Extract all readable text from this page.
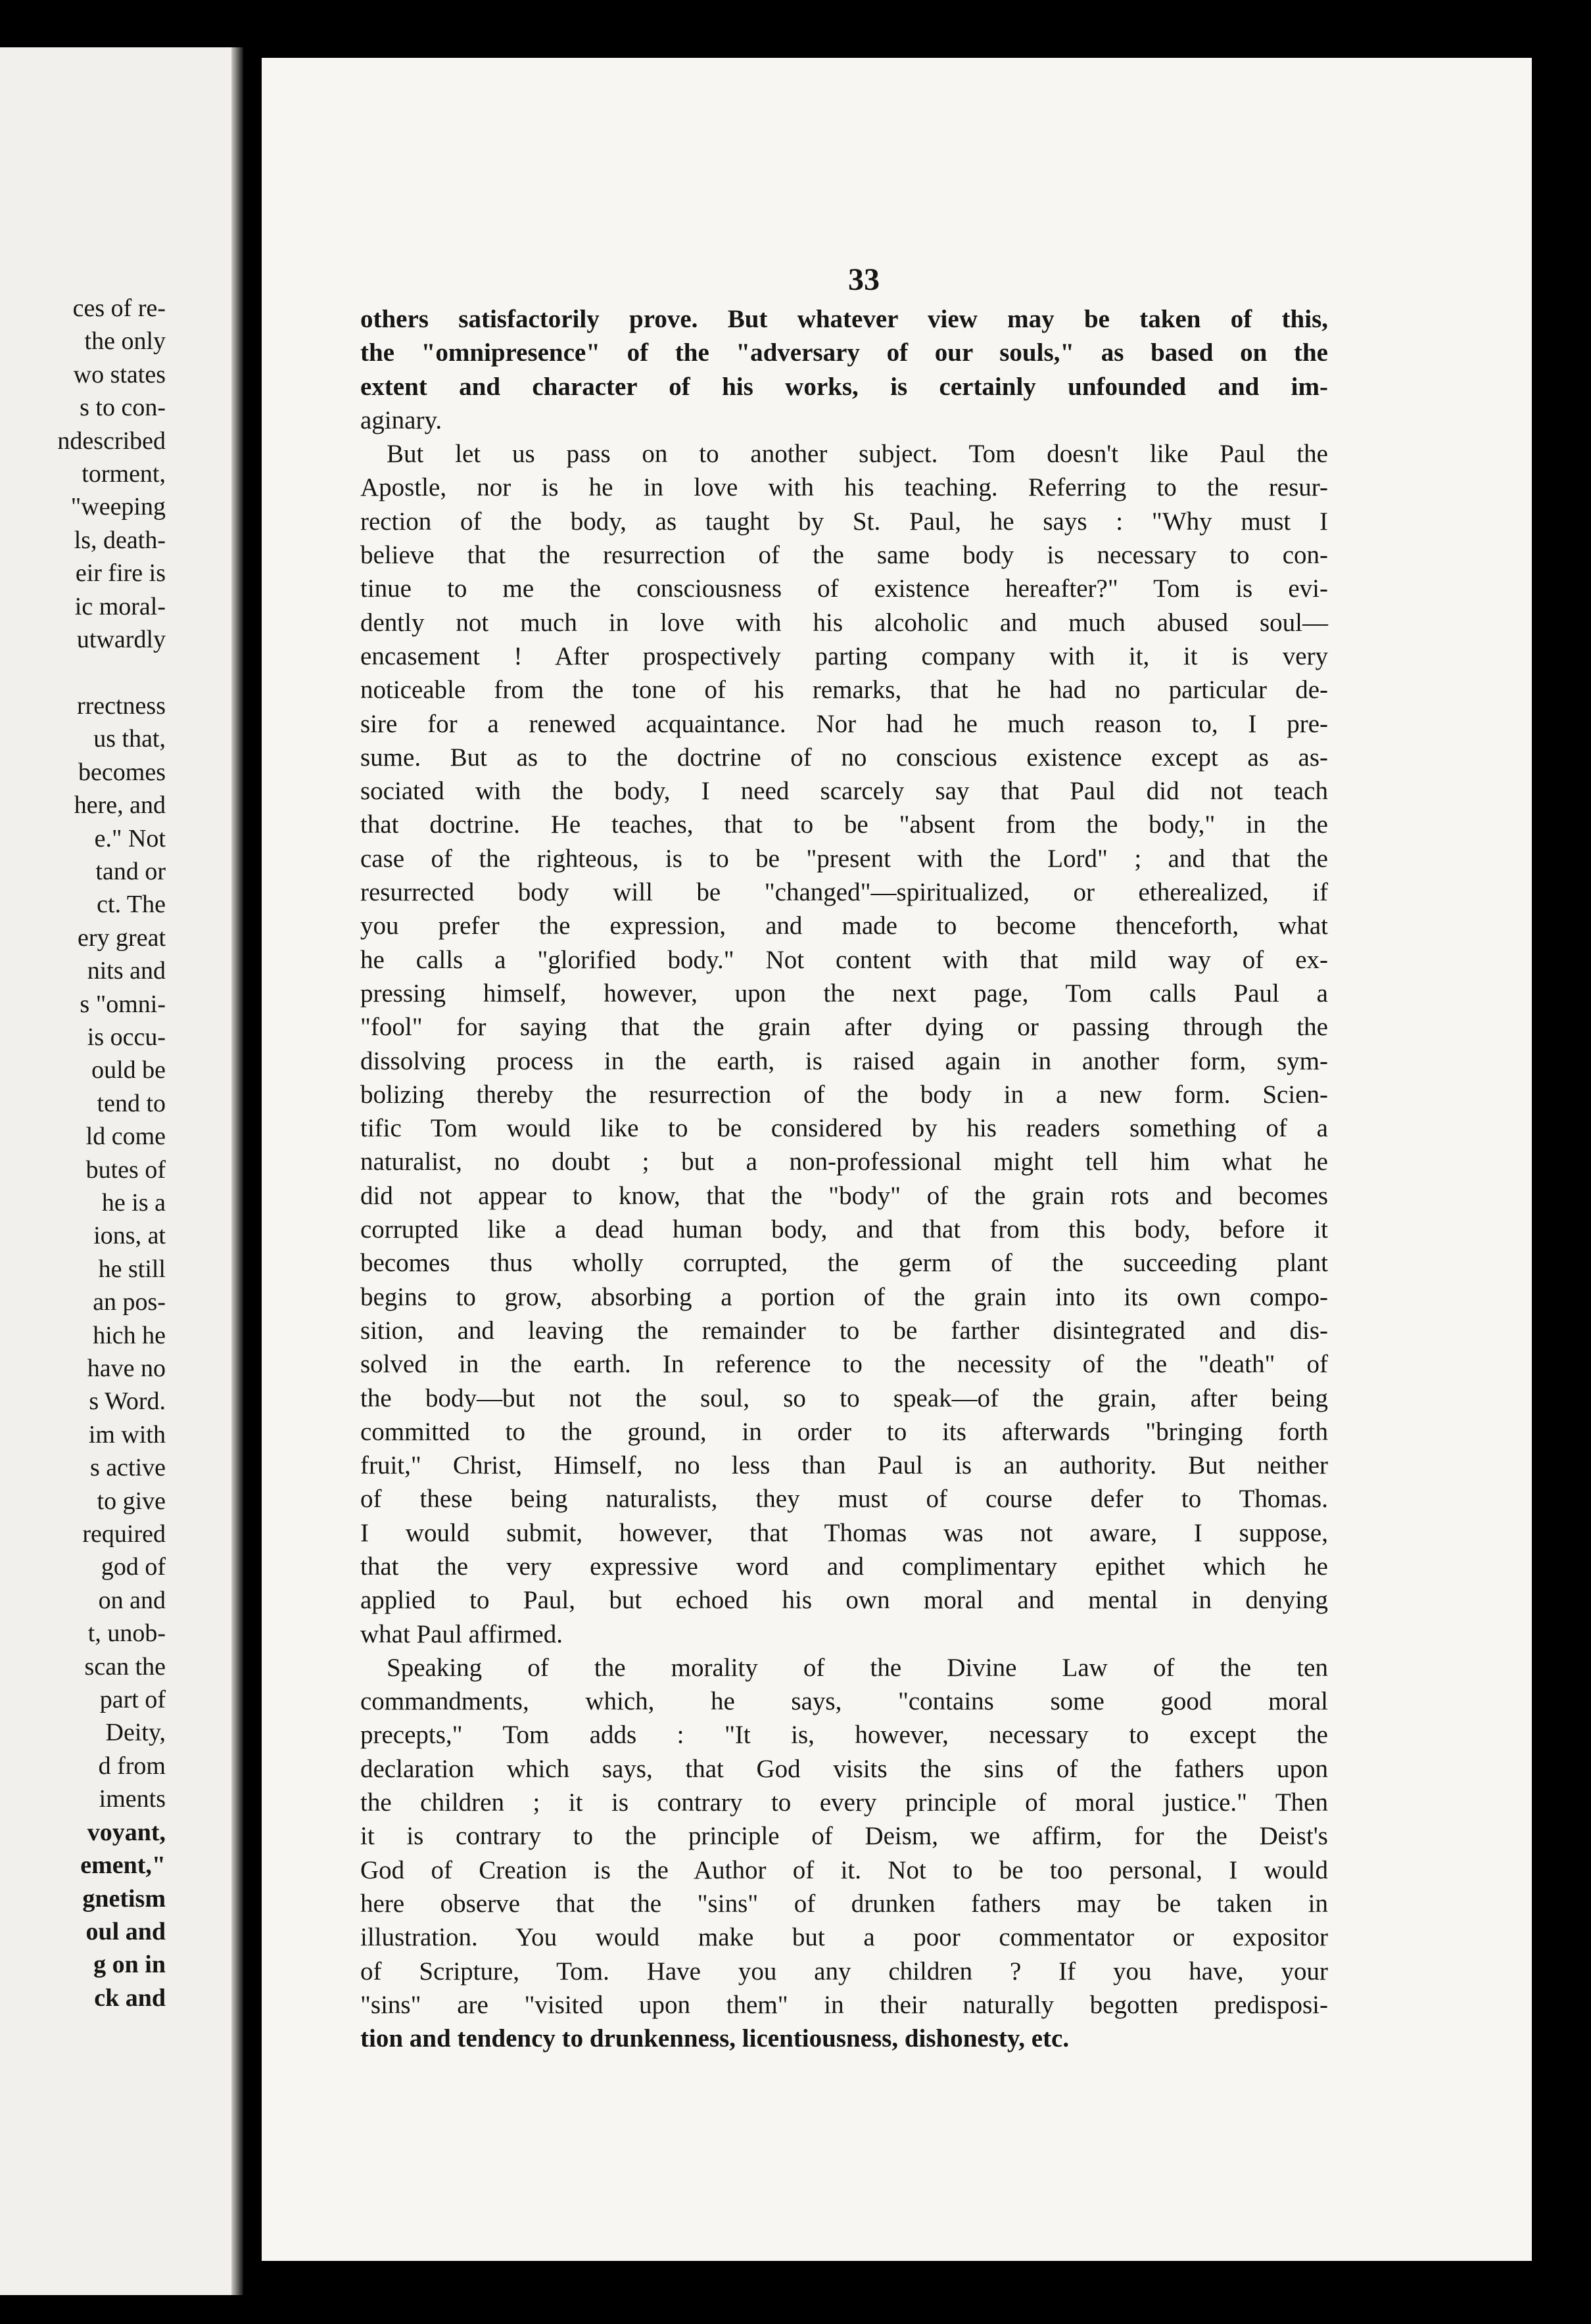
ces of re-
the only
wo states
s to con-
ndescribed
torment,
"weeping
ls, death-
eir fire is
ic moral-
utwardly

rrectness
us that,
becomes
here, and
e." Not
tand or
ct. The
ery great
nits and
s "omni-
is occu-
ould be
tend to
ld come
butes of
he is a
ions, at
he still
an pos-
hich he
have no
s Word.
im with
s active
to give
required
god of
on and
t, unob-
scan the
part of
Deity,
d from
iments
voyant,
ement,"
gnetism
oul and
g on in
ck and
33
others satisfactorily prove. But whatever view may be taken of this,
the "omnipresence" of the "adversary of our souls," as based on the
extent and character of his works, is certainly unfounded and im-
aginary.
But let us pass on to another subject. Tom doesn't like Paul the
Apostle, nor is he in love with his teaching. Referring to the resur-
rection of the body, as taught by St. Paul, he says : "Why must I
believe that the resurrection of the same body is necessary to con-
tinue to me the consciousness of existence hereafter?" Tom is evi-
dently not much in love with his alcoholic and much abused soul—
encasement ! After prospectively parting company with it, it is very
noticeable from the tone of his remarks, that he had no particular de-
sire for a renewed acquaintance. Nor had he much reason to, I pre-
sume. But as to the doctrine of no conscious existence except as as-
sociated with the body, I need scarcely say that Paul did not teach
that doctrine. He teaches, that to be "absent from the body," in the
case of the righteous, is to be "present with the Lord" ; and that the
resurrected body will be "changed"—spiritualized, or etherealized, if
you prefer the expression, and made to become thenceforth, what
he calls a "glorified body." Not content with that mild way of ex-
pressing himself, however, upon the next page, Tom calls Paul a
"fool" for saying that the grain after dying or passing through the
dissolving process in the earth, is raised again in another form, sym-
bolizing thereby the resurrection of the body in a new form. Scien-
tific Tom would like to be considered by his readers something of a
naturalist, no doubt ; but a non-professional might tell him what he
did not appear to know, that the "body" of the grain rots and becomes
corrupted like a dead human body, and that from this body, before it
becomes thus wholly corrupted, the germ of the succeeding plant
begins to grow, absorbing a portion of the grain into its own compo-
sition, and leaving the remainder to be farther disintegrated and dis-
solved in the earth. In reference to the necessity of the "death" of
the body—but not the soul, so to speak—of the grain, after being
committed to the ground, in order to its afterwards "bringing forth
fruit," Christ, Himself, no less than Paul is an authority. But neither
of these being naturalists, they must of course defer to Thomas.
I would submit, however, that Thomas was not aware, I suppose,
that the very expressive word and complimentary epithet which he
applied to Paul, but echoed his own moral and mental in denying
what Paul affirmed.
Speaking of the morality of the Divine Law of the ten
commandments, which, he says, "contains some good moral
precepts," Tom adds : "It is, however, necessary to except the
declaration which says, that God visits the sins of the fathers upon
the children ; it is contrary to every principle of moral justice." Then
it is contrary to the principle of Deism, we affirm, for the Deist's
God of Creation is the Author of it. Not to be too personal, I would
here observe that the "sins" of drunken fathers may be taken in
illustration. You would make but a poor commentator or expositor
of Scripture, Tom. Have you any children ? If you have, your
"sins" are "visited upon them" in their naturally begotten predisposi-
tion and tendency to drunkenness, licentiousness, dishonesty, etc.
